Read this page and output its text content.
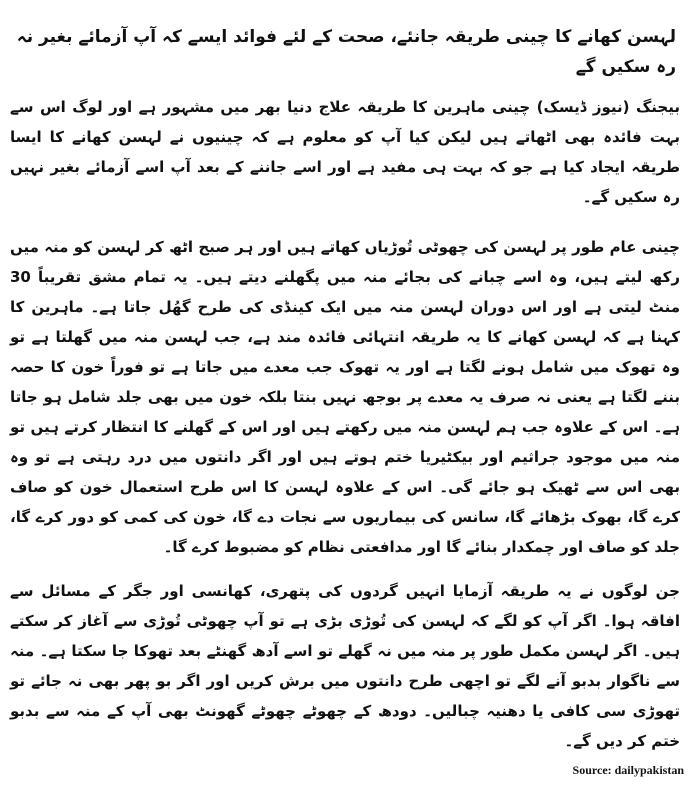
لہسن کھانے کا چینی طریقہ جانئے، صحت کے لئے فوائد ایسے کہ آپ آزمائے بغیر نہ رہ سکیں گے

بیجنگ (نیوز ڈیسک) چینی ماہرین کا طریقہ علاج دنیا بھر میں مشہور ہے اور لوگ اس سے بہت فائدہ بھی اٹھاتے ہیں لیکن کیا آپ کو معلوم ہے کہ چینیوں نے لہسن کھانے کا ایسا طریقہ ایجاد کیا ہے جو کہ بہت ہی مفید ہے اور اسے جاننے کے بعد آپ اسے آزمائے بغیر نہیں رہ سکیں گے۔

چینی عام طور پر لہسن کی چھوٹی تُوڑیاں کھاتے ہیں اور ہر صبح اٹھ کر لہسن کو منہ میں رکھ لیتے ہیں، وہ اسے چبانے کی بجائے منہ میں پگھلنے دیتے ہیں۔ یہ تمام مشق تقریباً 30 منٹ لیتی ہے اور اس دوران لہسن منہ میں ایک کینڈی کی طرح گھُل جاتا ہے۔ ماہرین کا کہنا ہے کہ لہسن کھانے کا یہ طریقہ انتہائی فائدہ مند ہے، جب لہسن منہ میں گھلتا ہے تو وہ تھوک میں شامل ہونے لگتا ہے اور یہ تھوک جب معدے میں جاتا ہے تو فوراً خون کا حصہ بننے لگتا ہے یعنی نہ صرف یہ معدے پر بوجھ نہیں بنتا بلکہ خون میں بھی جلد شامل ہو جاتا ہے۔ اس کے علاوہ جب ہم لہسن منہ میں رکھتے ہیں اور اس کے گھلنے کا انتظار کرتے ہیں تو منہ میں موجود جراثیم اور بیکٹیریا ختم ہوتے ہیں اور اگر دانتوں میں درد رہتی ہے تو وہ بھی اس سے ٹھیک ہو جائے گی۔ اس کے علاوہ لہسن کا اس طرح استعمال خون کو صاف کرے گا، بھوک بڑھائے گا، سانس کی بیماریوں سے نجات دے گا، خون کی کمی کو دور کرے گا، جلد کو صاف اور چمکدار بنائے گا اور مدافعتی نظام کو مضبوط کرے گا۔

جن لوگوں نے یہ طریقہ آزمایا انہیں گردوں کی پتھری، کھانسی اور جگر کے مسائل سے افاقہ ہوا۔ اگر آپ کو لگے کہ لہسن کی تُوڑی بڑی ہے تو آپ چھوٹی تُوڑی سے آغاز کر سکتے ہیں۔ اگر لہسن مکمل طور پر منہ میں نہ گھلے تو اسے آدھ گھنٹے بعد تھوکا جا سکتا ہے۔ منہ سے ناگوار بدبو آنے لگے تو اچھی طرح دانتوں میں برش کریں اور اگر بو پھر بھی نہ جائے تو تھوڑی سی کافی یا دھنیہ چبالیں۔ دودھ کے چھوٹے چھوٹے گھونٹ بھی آپ کے منہ سے بدبو ختم کر دیں گے۔

Source: dailypakistan
